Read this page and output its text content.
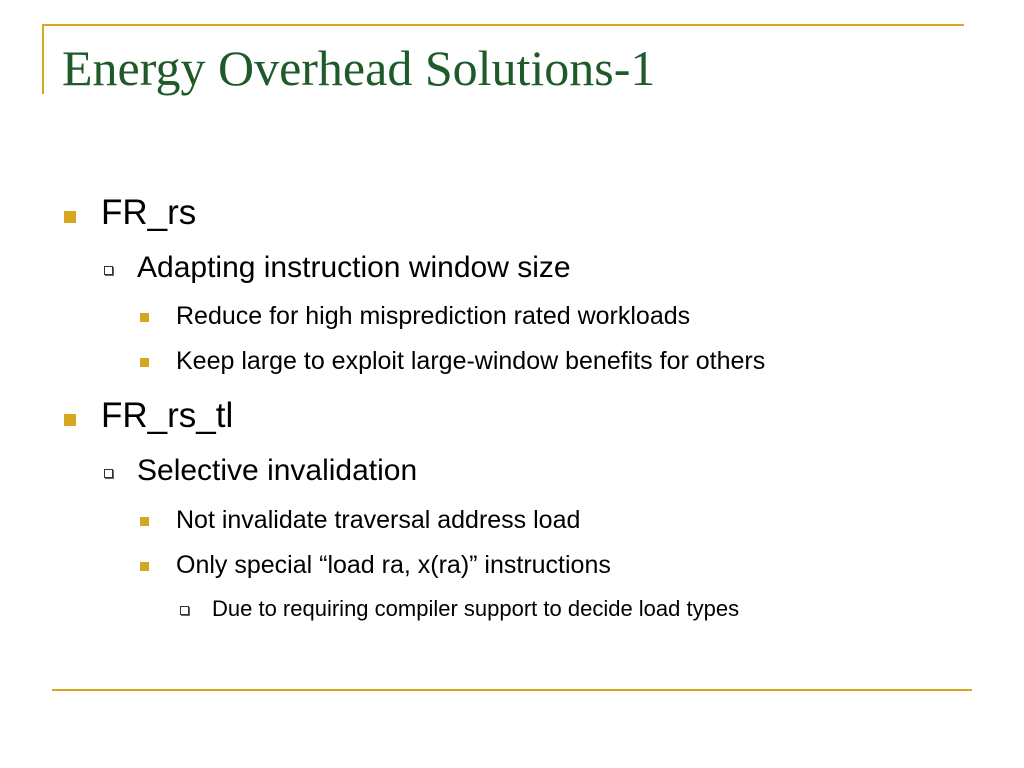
Energy Overhead Solutions-1
FR_rs
Adapting instruction window size
Reduce for high misprediction rated workloads
Keep large to exploit large-window benefits for others
FR_rs_tl
Selective invalidation
Not invalidate traversal address load
Only special “load ra, x(ra)” instructions
Due to requiring compiler support to decide load types
